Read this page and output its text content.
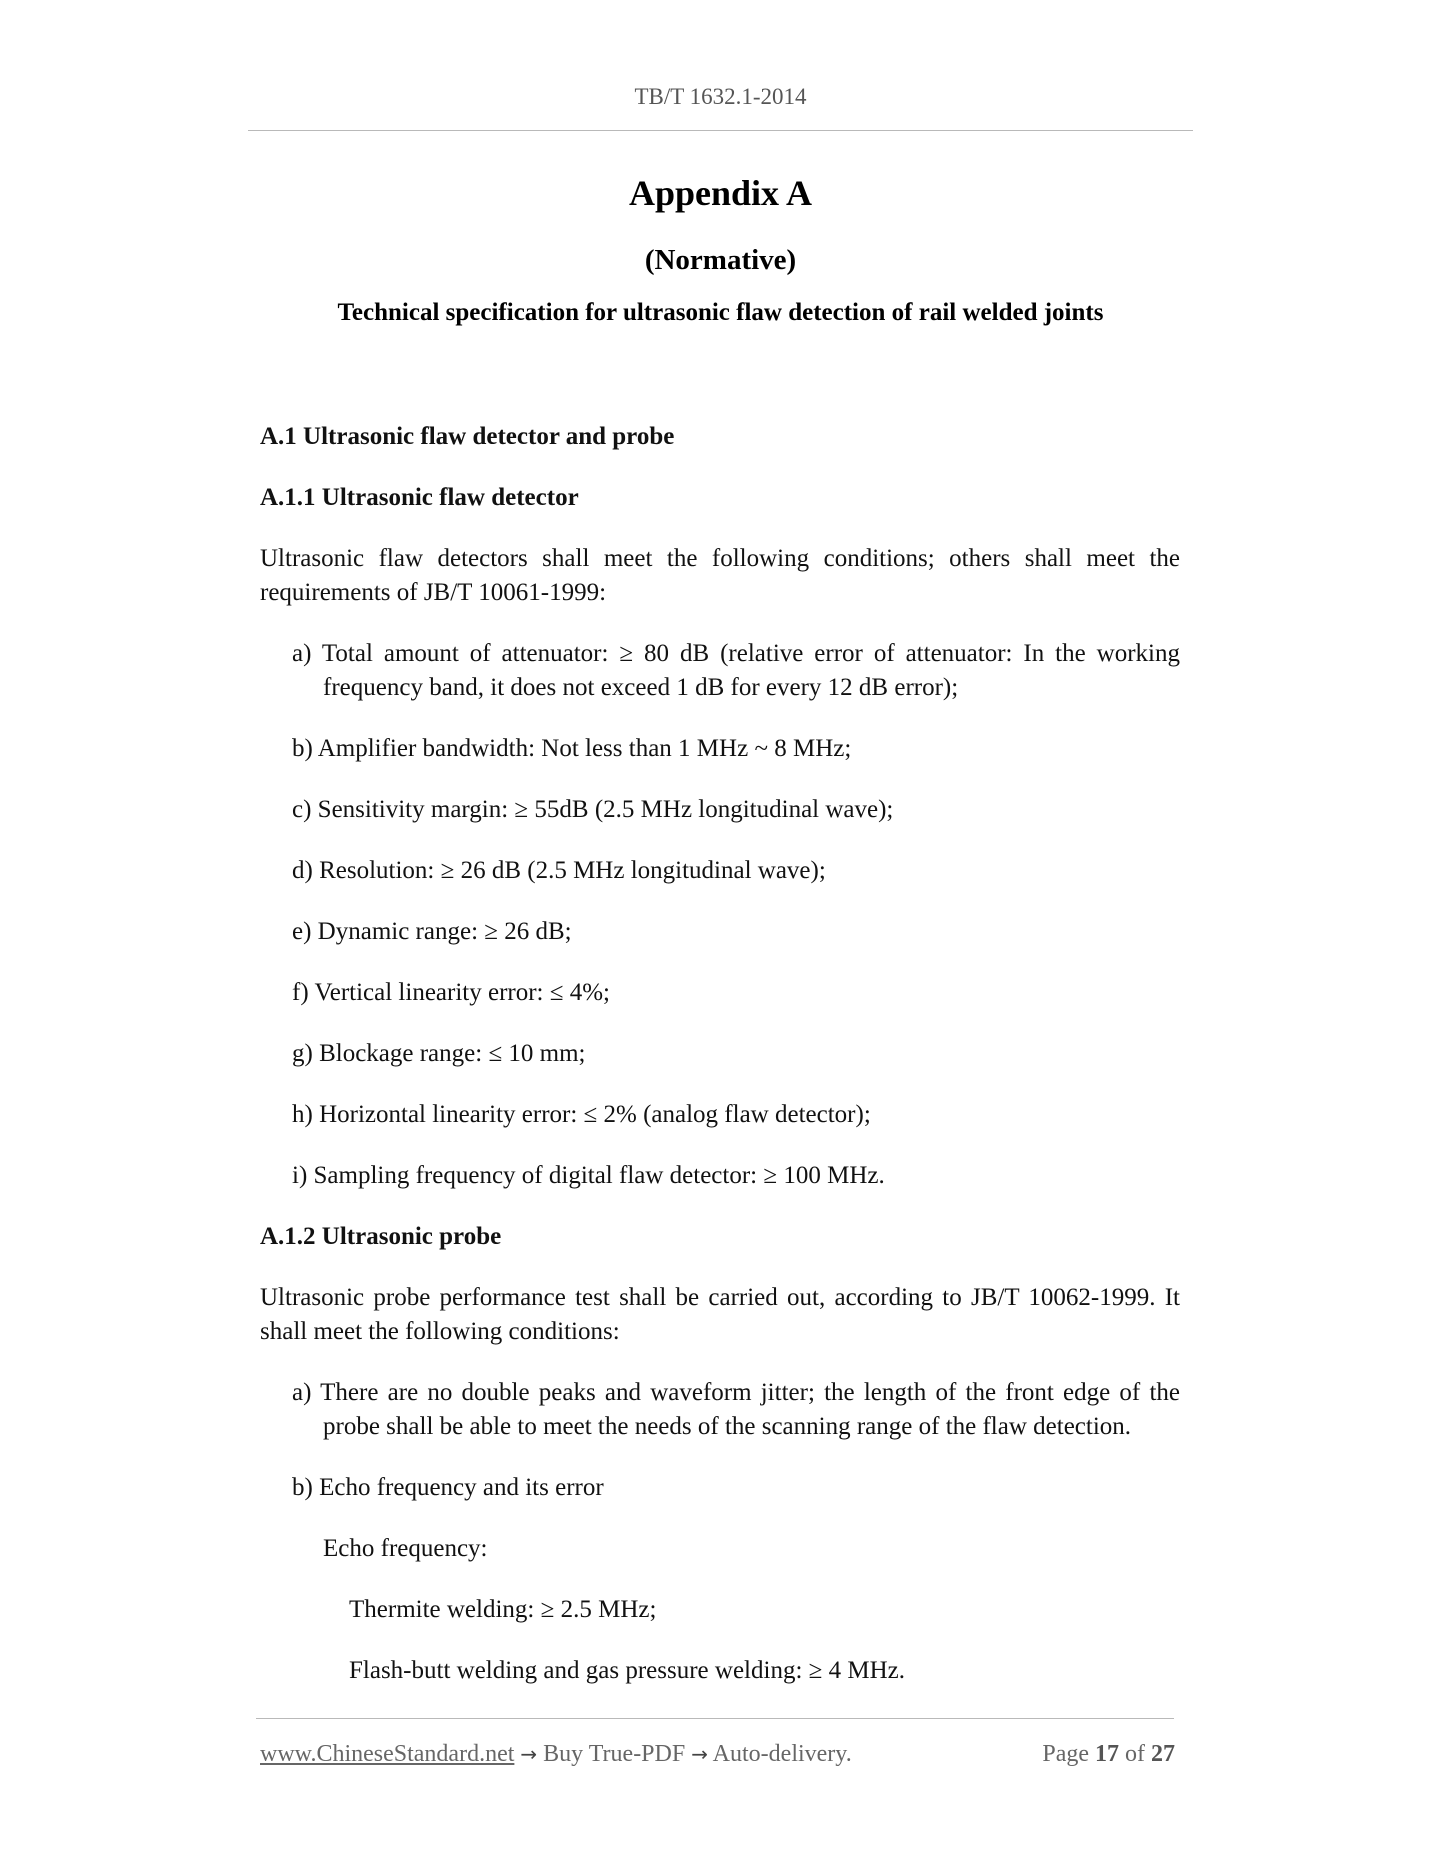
TB/T 1632.1-2014
Appendix A
(Normative)
Technical specification for ultrasonic flaw detection of rail welded joints
A.1 Ultrasonic flaw detector and probe
A.1.1 Ultrasonic flaw detector
Ultrasonic flaw detectors shall meet the following conditions; others shall meet the requirements of JB/T 10061-1999:
a) Total amount of attenuator: ≥ 80 dB (relative error of attenuator: In the working frequency band, it does not exceed 1 dB for every 12 dB error);
b) Amplifier bandwidth: Not less than 1 MHz ~ 8 MHz;
c) Sensitivity margin: ≥ 55dB (2.5 MHz longitudinal wave);
d) Resolution: ≥ 26 dB (2.5 MHz longitudinal wave);
e) Dynamic range: ≥ 26 dB;
f) Vertical linearity error: ≤ 4%;
g) Blockage range: ≤ 10 mm;
h) Horizontal linearity error: ≤ 2% (analog flaw detector);
i) Sampling frequency of digital flaw detector: ≥ 100 MHz.
A.1.2 Ultrasonic probe
Ultrasonic probe performance test shall be carried out, according to JB/T 10062-1999. It shall meet the following conditions:
a) There are no double peaks and waveform jitter; the length of the front edge of the probe shall be able to meet the needs of the scanning range of the flaw detection.
b) Echo frequency and its error
Echo frequency:
Thermite welding: ≥ 2.5 MHz;
Flash-butt welding and gas pressure welding: ≥ 4 MHz.
www.ChineseStandard.net → Buy True-PDF → Auto-delivery.	Page 17 of 27
